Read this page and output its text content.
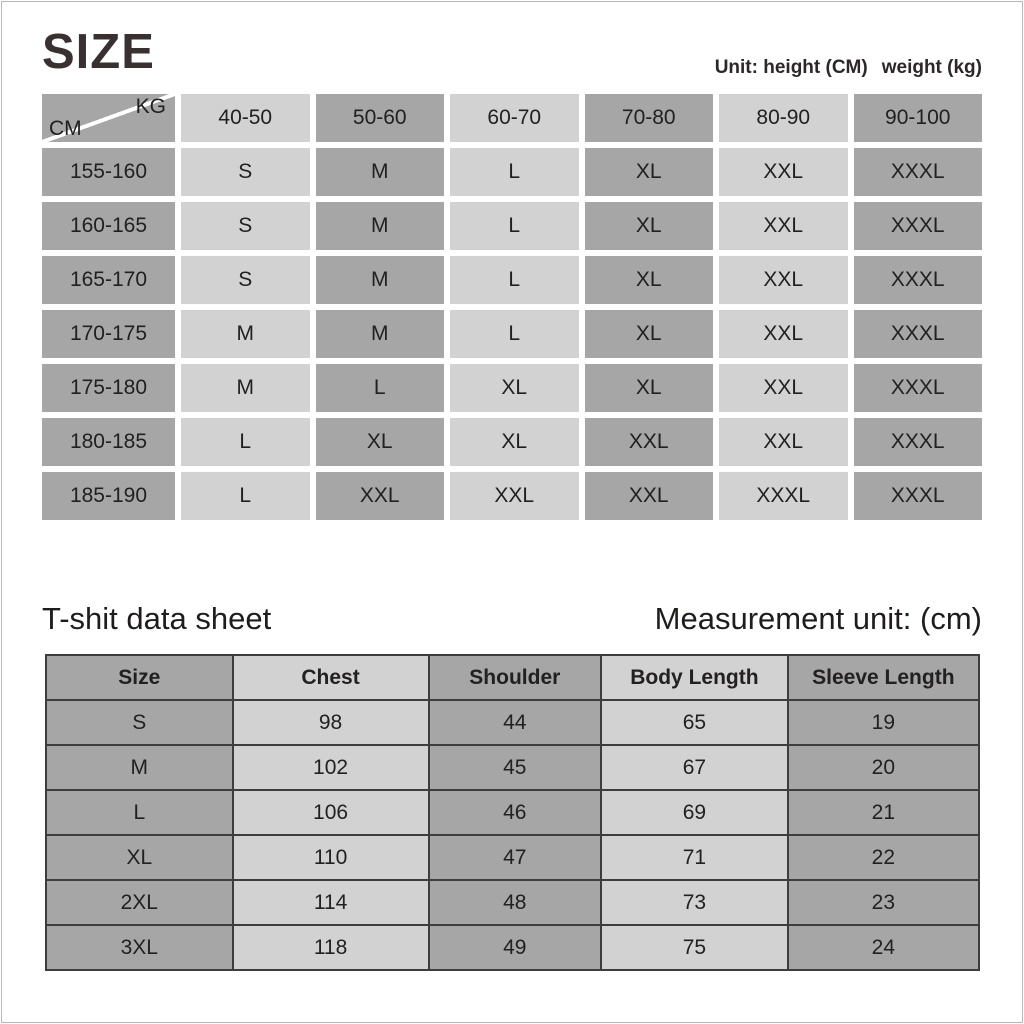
SIZE	Unit: height (CM) weight (kg)
KG
CM	40-50	50-60	60-70	70-80	80-90	90-100
155-160	S	M	L	XL	XXL	XXXL
160-165	S	M	L	XL	XXL	XXXL
165-170	S	M	L	XL	XXL	XXXL
170-175	M	M	L	XL	XXL	XXXL
175-180	M	L	XL	XL	XXL	XXXL
180-185	L	XL	XL	XXL	XXL	XXXL
185-190	L	XXL	XXL	XXL	XXXL	XXXL
T-shit data sheet	Measurement unit: (cm)
Size	Chest	Shoulder	Body Length	Sleeve Length
S	98	44	65	19
M	102	45	67	20
L	106	46	69	21
XL	110	47	71	22
2XL	114	48	73	23
3XL	118	49	75	24
